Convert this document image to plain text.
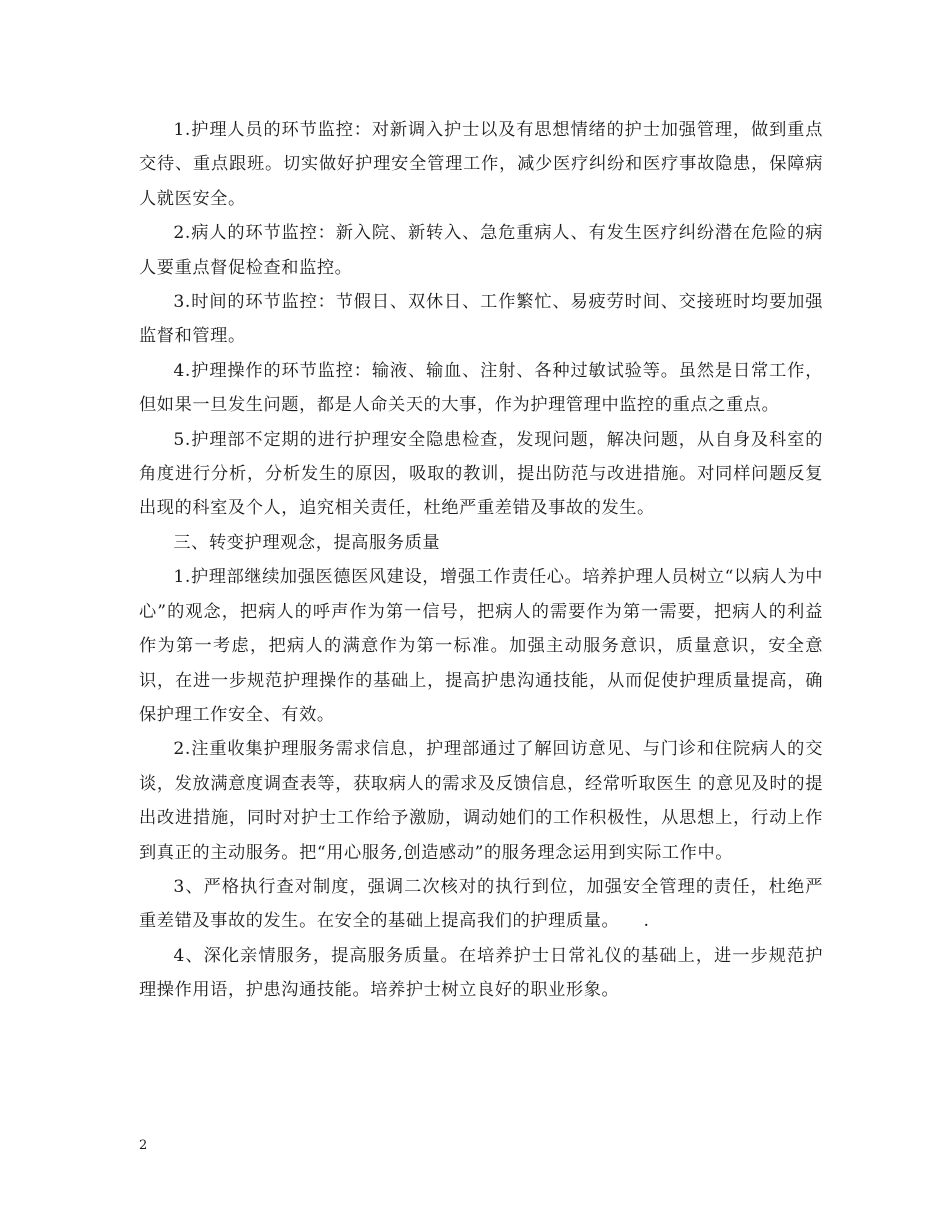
1.护理人员的环节监控：对新调入护士以及有思想情绪的护士加强管理，做到重点交待、重点跟班。切实做好护理安全管理工作，减少医疗纠纷和医疗事故隐患，保障病人就医安全。

2.病人的环节监控：新入院、新转入、急危重病人、有发生医疗纠纷潜在危险的病人要重点督促检查和监控。

3.时间的环节监控：节假日、双休日、工作繁忙、易疲劳时间、交接班时均要加强监督和管理。

4.护理操作的环节监控：输液、输血、注射、各种过敏试验等。虽然是日常工作，但如果一旦发生问题，都是人命关天的大事，作为护理管理中监控的重点之重点。

5.护理部不定期的进行护理安全隐患检查，发现问题，解决问题，从自身及科室的角度进行分析，分析发生的原因，吸取的教训，提出防范与改进措施。对同样问题反复出现的科室及个人，追究相关责任，杜绝严重差错及事故的发生。

三、转变护理观念，提高服务质量

1.护理部继续加强医德医风建设，增强工作责任心。培养护理人员树立“以病人为中心”的观念，把病人的呼声作为第一信号，把病人的需要作为第一需要，把病人的利益作为第一考虑，把病人的满意作为第一标准。加强主动服务意识，质量意识，安全意识，在进一步规范护理操作的基础上，提高护患沟通技能，从而促使护理质量提高，确保护理工作安全、有效。

2.注重收集护理服务需求信息，护理部通过了解回访意见、与门诊和住院病人的交谈，发放满意度调查表等，获取病人的需求及反馈信息，经常听取医生 的意见及时的提出改进措施，同时对护士工作给予激励，调动她们的工作积极性，从思想上，行动上作到真正的主动服务。把“用心服务,创造感动”的服务理念运用到实际工作中。

3、严格执行查对制度，强调二次核对的执行到位，加强安全管理的责任，杜绝严重差错及事故的发生。在安全的基础上提高我们的护理质量。    .

4、深化亲情服务，提高服务质量。在培养护士日常礼仪的基础上，进一步规范护理操作用语，护患沟通技能。培养护士树立良好的职业形象。

2
